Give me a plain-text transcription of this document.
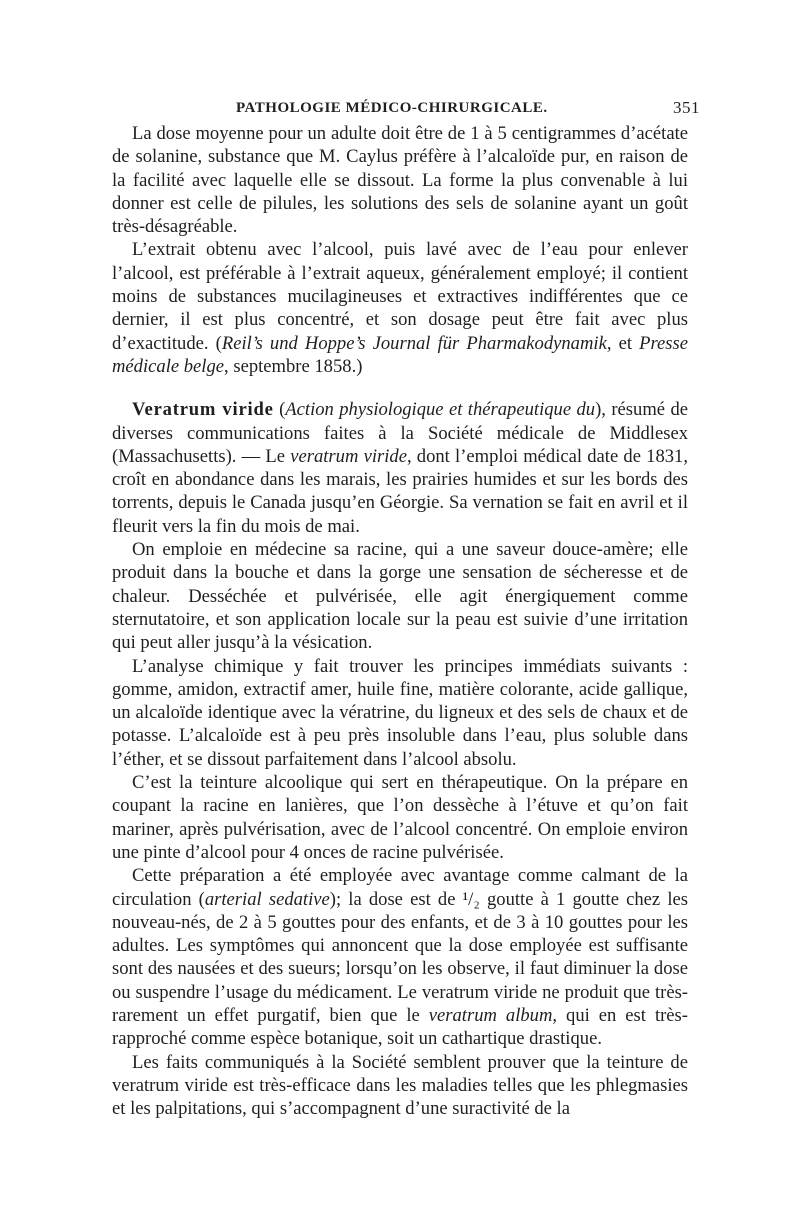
PATHOLOGIE MÉDICO-CHIRURGICALE.	351

La dose moyenne pour un adulte doit être de 1 à 5 centigrammes d’acétate de solanine, substance que M. Caylus préfère à l’alcaloïde pur, en raison de la facilité avec laquelle elle se dissout. La forme la plus convenable à lui donner est celle de pilules, les solutions des sels de solanine ayant un goût très-désagréable.

L’extrait obtenu avec l’alcool, puis lavé avec de l’eau pour enlever l’alcool, est préférable à l’extrait aqueux, généralement employé; il contient moins de substances mucilagineuses et extractives indifférentes que ce dernier, il est plus concentré, et son dosage peut être fait avec plus d’exactitude. (Reil’s und Hoppe’s Journal für Pharmakodynamik, et Presse médicale belge, septembre 1858.)

Veratrum viride (Action physiologique et thérapeutique du), résumé de diverses communications faites à la Société médicale de Middlesex (Massachusetts). — Le veratrum viride, dont l’emploi médical date de 1831, croît en abondance dans les marais, les prairies humides et sur les bords des torrents, depuis le Canada jusqu’en Géorgie. Sa vernation se fait en avril et il fleurit vers la fin du mois de mai.

On emploie en médecine sa racine, qui a une saveur douce-amère; elle produit dans la bouche et dans la gorge une sensation de sécheresse et de chaleur. Desséchée et pulvérisée, elle agit énergiquement comme sternutatoire, et son application locale sur la peau est suivie d’une irritation qui peut aller jusqu’à la vésication.

L’analyse chimique y fait trouver les principes immédiats suivants : gomme, amidon, extractif amer, huile fine, matière colorante, acide gallique, un alcaloïde identique avec la vératrine, du ligneux et des sels de chaux et de potasse. L’alcaloïde est à peu près insoluble dans l’eau, plus soluble dans l’éther, et se dissout parfaitement dans l’alcool absolu.

C’est la teinture alcoolique qui sert en thérapeutique. On la prépare en coupant la racine en lanières, que l’on dessèche à l’étuve et qu’on fait mariner, après pulvérisation, avec de l’alcool concentré. On emploie environ une pinte d’alcool pour 4 onces de racine pulvérisée.

Cette préparation a été employée avec avantage comme calmant de la circulation (arterial sedative); la dose est de ¹/₂ goutte à 1 goutte chez les nouveau-nés, de 2 à 5 gouttes pour des enfants, et de 3 à 10 gouttes pour les adultes. Les symptômes qui annoncent que la dose employée est suffisante sont des nausées et des sueurs; lorsqu’on les observe, il faut diminuer la dose ou suspendre l’usage du médicament. Le veratrum viride ne produit que très-rarement un effet purgatif, bien que le veratrum album, qui en est très-rapproché comme espèce botanique, soit un cathartique drastique.

Les faits communiqués à la Société semblent prouver que la teinture de veratrum viride est très-efficace dans les maladies telles que les phlegmasies et les palpitations, qui s’accompagnent d’une suractivité de la
